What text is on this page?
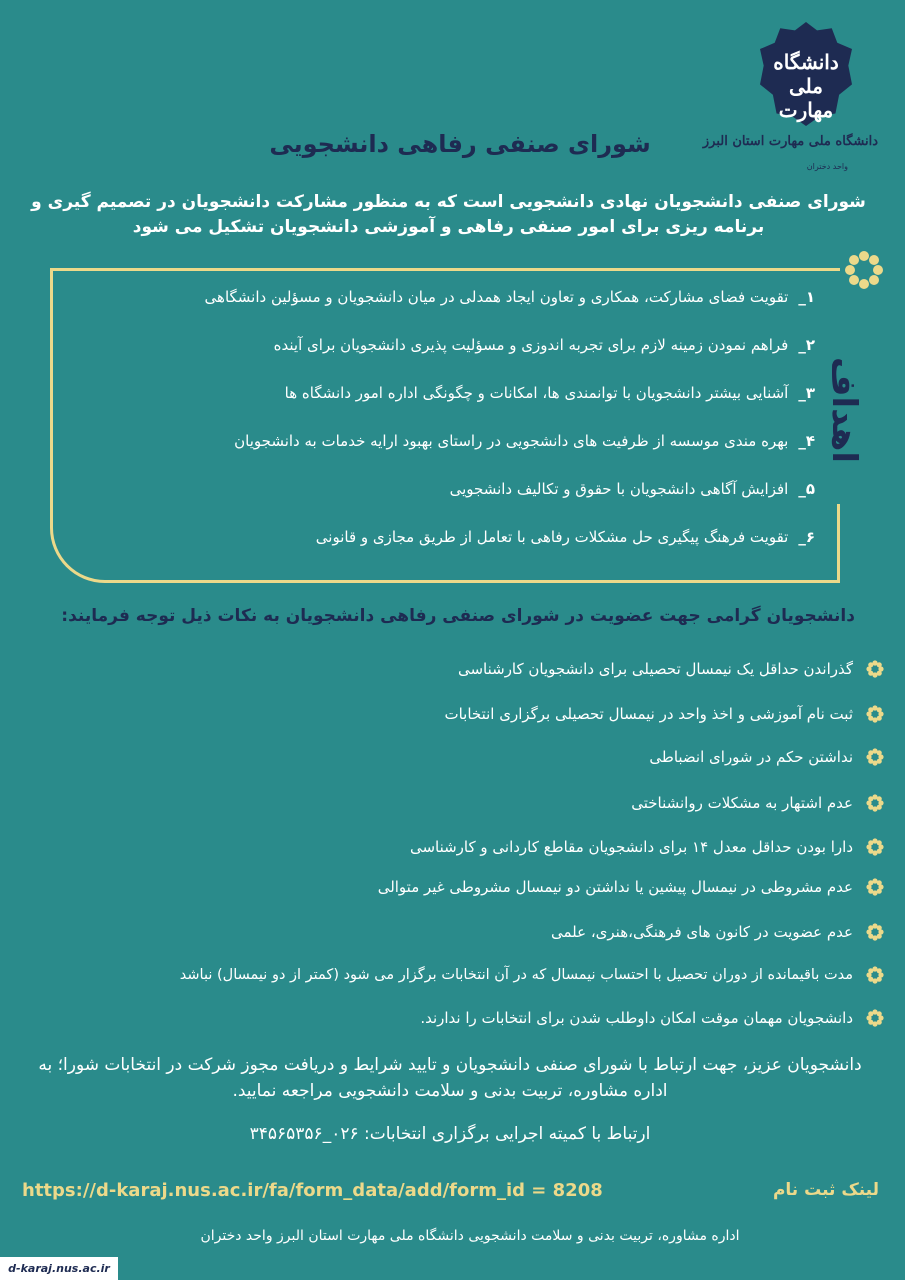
دانشگاه ملی مهارت
دانشگاه ملی مهارت استان البرز
واحد دختران
شورای صنفی رفاهی دانشجویی
شورای صنفی دانشجویان نهادی دانشجویی است که به منظور مشارکت دانشجویان در تصمیم گیری و برنامه ریزی برای امور صنفی رفاهی و آموزشی دانشجویان تشکیل می شود
اهداف
۱_تقویت فضای مشارکت، همکاری و تعاون ایجاد همدلی در میان دانشجویان و مسؤلین دانشگاهی
۲_فراهم نمودن زمینه لازم برای تجربه اندوزی و مسؤلیت پذیری دانشجویان برای آینده
۳_آشنایی بیشتر دانشجویان با توانمندی ها، امکانات و چگونگی اداره امور دانشگاه ها
۴_بهره مندی موسسه از ظرفیت های دانشجویی در راستای بهبود ارایه خدمات به دانشجویان
۵_افزایش آگاهی دانشجویان با حقوق و تکالیف دانشجویی
۶_تقویت فرهنگ پیگیری حل مشکلات رفاهی با تعامل از طریق مجازی و قانونی
دانشجویان گرامی جهت عضویت در شورای صنفی رفاهی دانشجویان به نکات ذیل توجه فرمایند:
گذراندن حداقل یک نیمسال تحصیلی برای دانشجویان کارشناسی
ثبت نام آموزشی و اخذ واحد در نیمسال تحصیلی برگزاری انتخابات
نداشتن حکم در شورای انضباطی
عدم اشتهار به مشکلات روانشناختی
دارا بودن حداقل معدل ۱۴ برای دانشجویان مقاطع کاردانی و کارشناسی
عدم مشروطی در نیمسال پیشین یا نداشتن دو نیمسال مشروطی غیر متوالی
عدم عضویت در کانون های فرهنگی،هنری، علمی
مدت باقیمانده از دوران تحصیل با احتساب نیمسال که در آن انتخابات برگزار می شود (کمتر از دو نیمسال) نباشد
دانشجویان مهمان موقت امکان داوطلب شدن برای انتخابات را ندارند.
دانشجویان عزیز، جهت ارتباط با شورای صنفی دانشجویان و تایید شرایط و دریافت مجوز شرکت در انتخابات شورا؛ به اداره مشاوره، تربیت بدنی و سلامت دانشجویی مراجعه نمایید.
ارتباط با کمیته اجرایی برگزاری انتخابات: ۰۲۶_۳۴۵۶۵۳۵۶
لینک ثبت نام
https://d-karaj.nus.ac.ir/fa/form_data/add/form_id = 8208
اداره مشاوره، تربیت بدنی و سلامت دانشجویی دانشگاه ملی مهارت استان البرز واحد دختران
d-karaj.nus.ac.ir
